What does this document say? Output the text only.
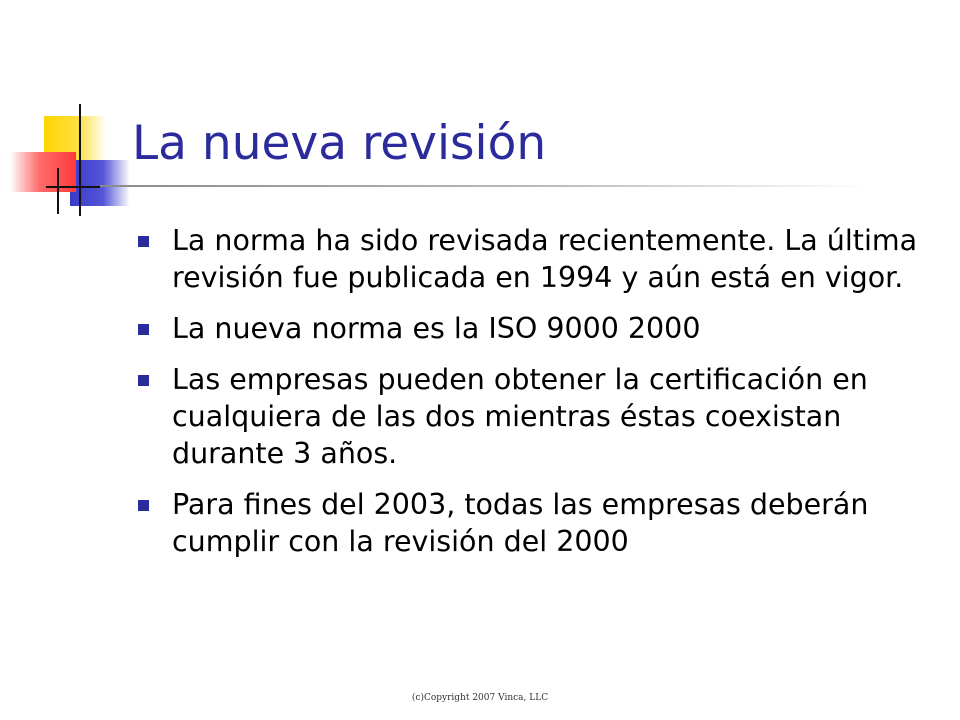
La nueva revisión
La norma ha sido revisada recientemente. La última revisión fue publicada en 1994 y aún está en vigor.
La nueva norma es la ISO 9000 2000
Las empresas pueden obtener la certificación en cualquiera de las dos mientras éstas coexistan durante 3 años.
Para fines del 2003, todas las empresas deberán cumplir con la revisión del 2000
(c)Copyright 2007 Vinca, LLC
